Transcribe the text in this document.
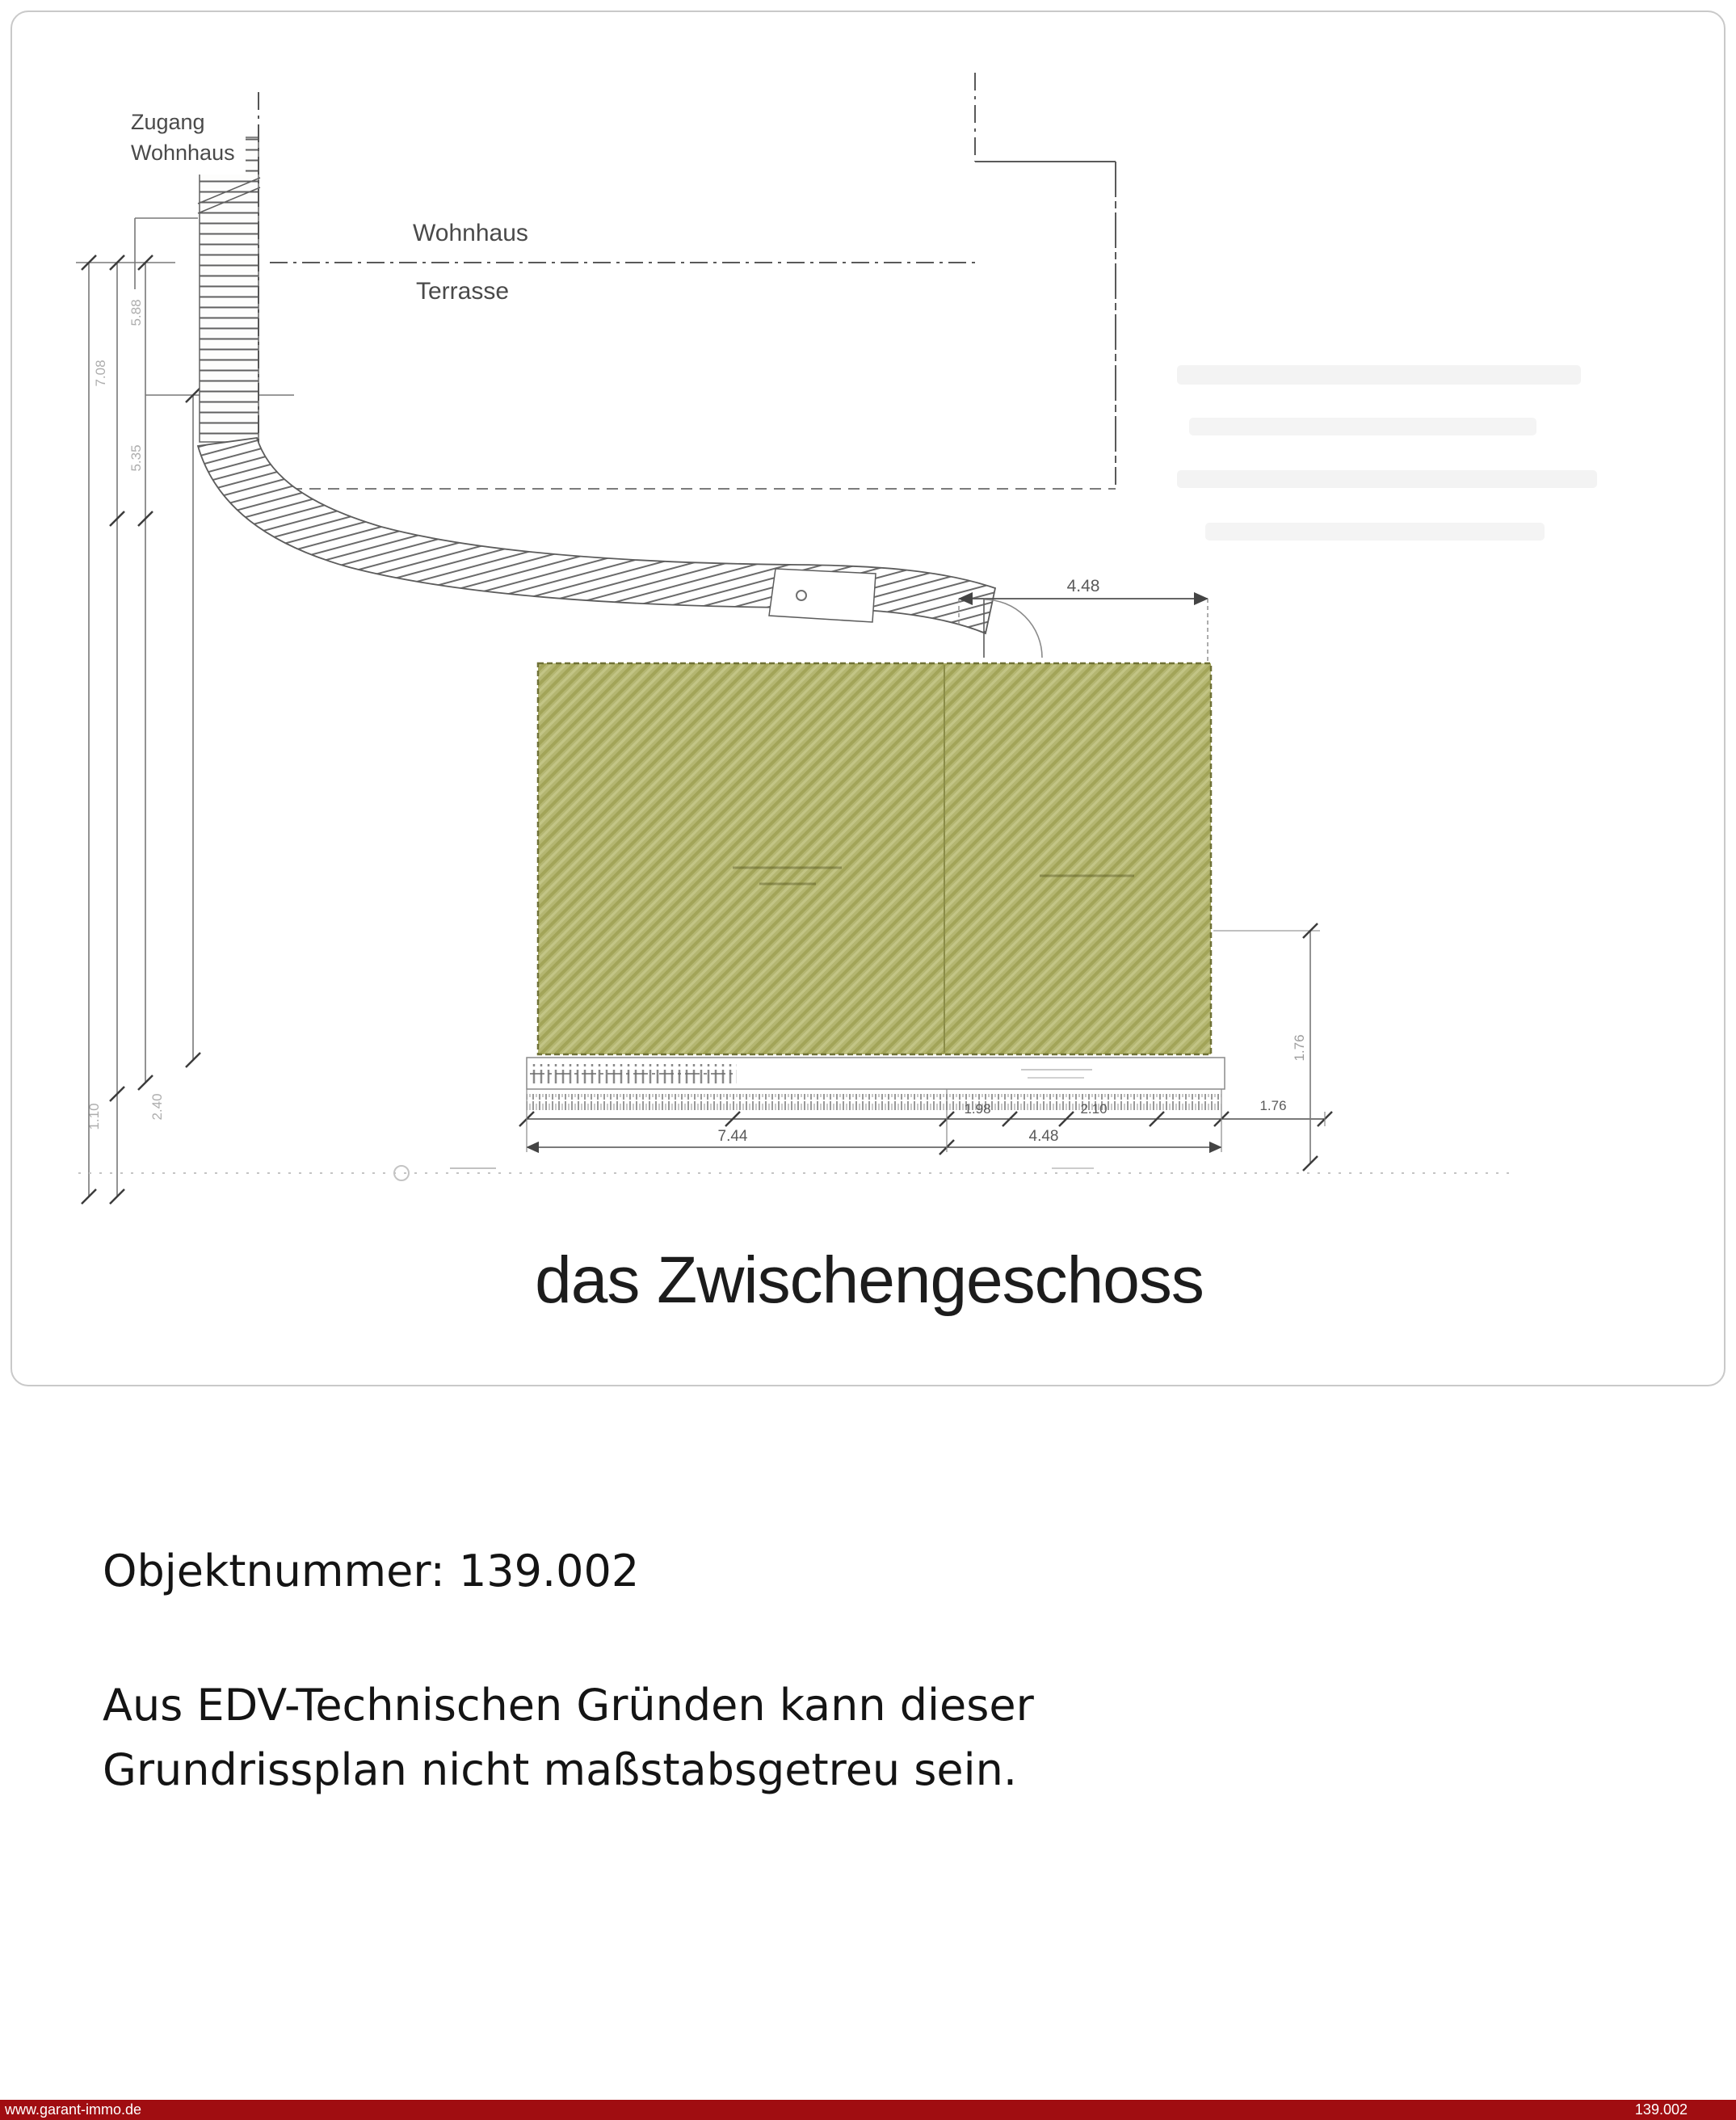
7.08
5.88
5.35
1.10	2.40
Zugang
Wohnhaus
Wohnhaus
Terrasse
4.48
1.98	2.10	1.76
7.44	4.48
1.76
das Zwischengeschoss
Objektnummer: 139.002
Aus EDV-Technischen Gründen kann dieser
Grundrissplan nicht maßstabsgetreu sein.
www.garant-immo.de	139.002
